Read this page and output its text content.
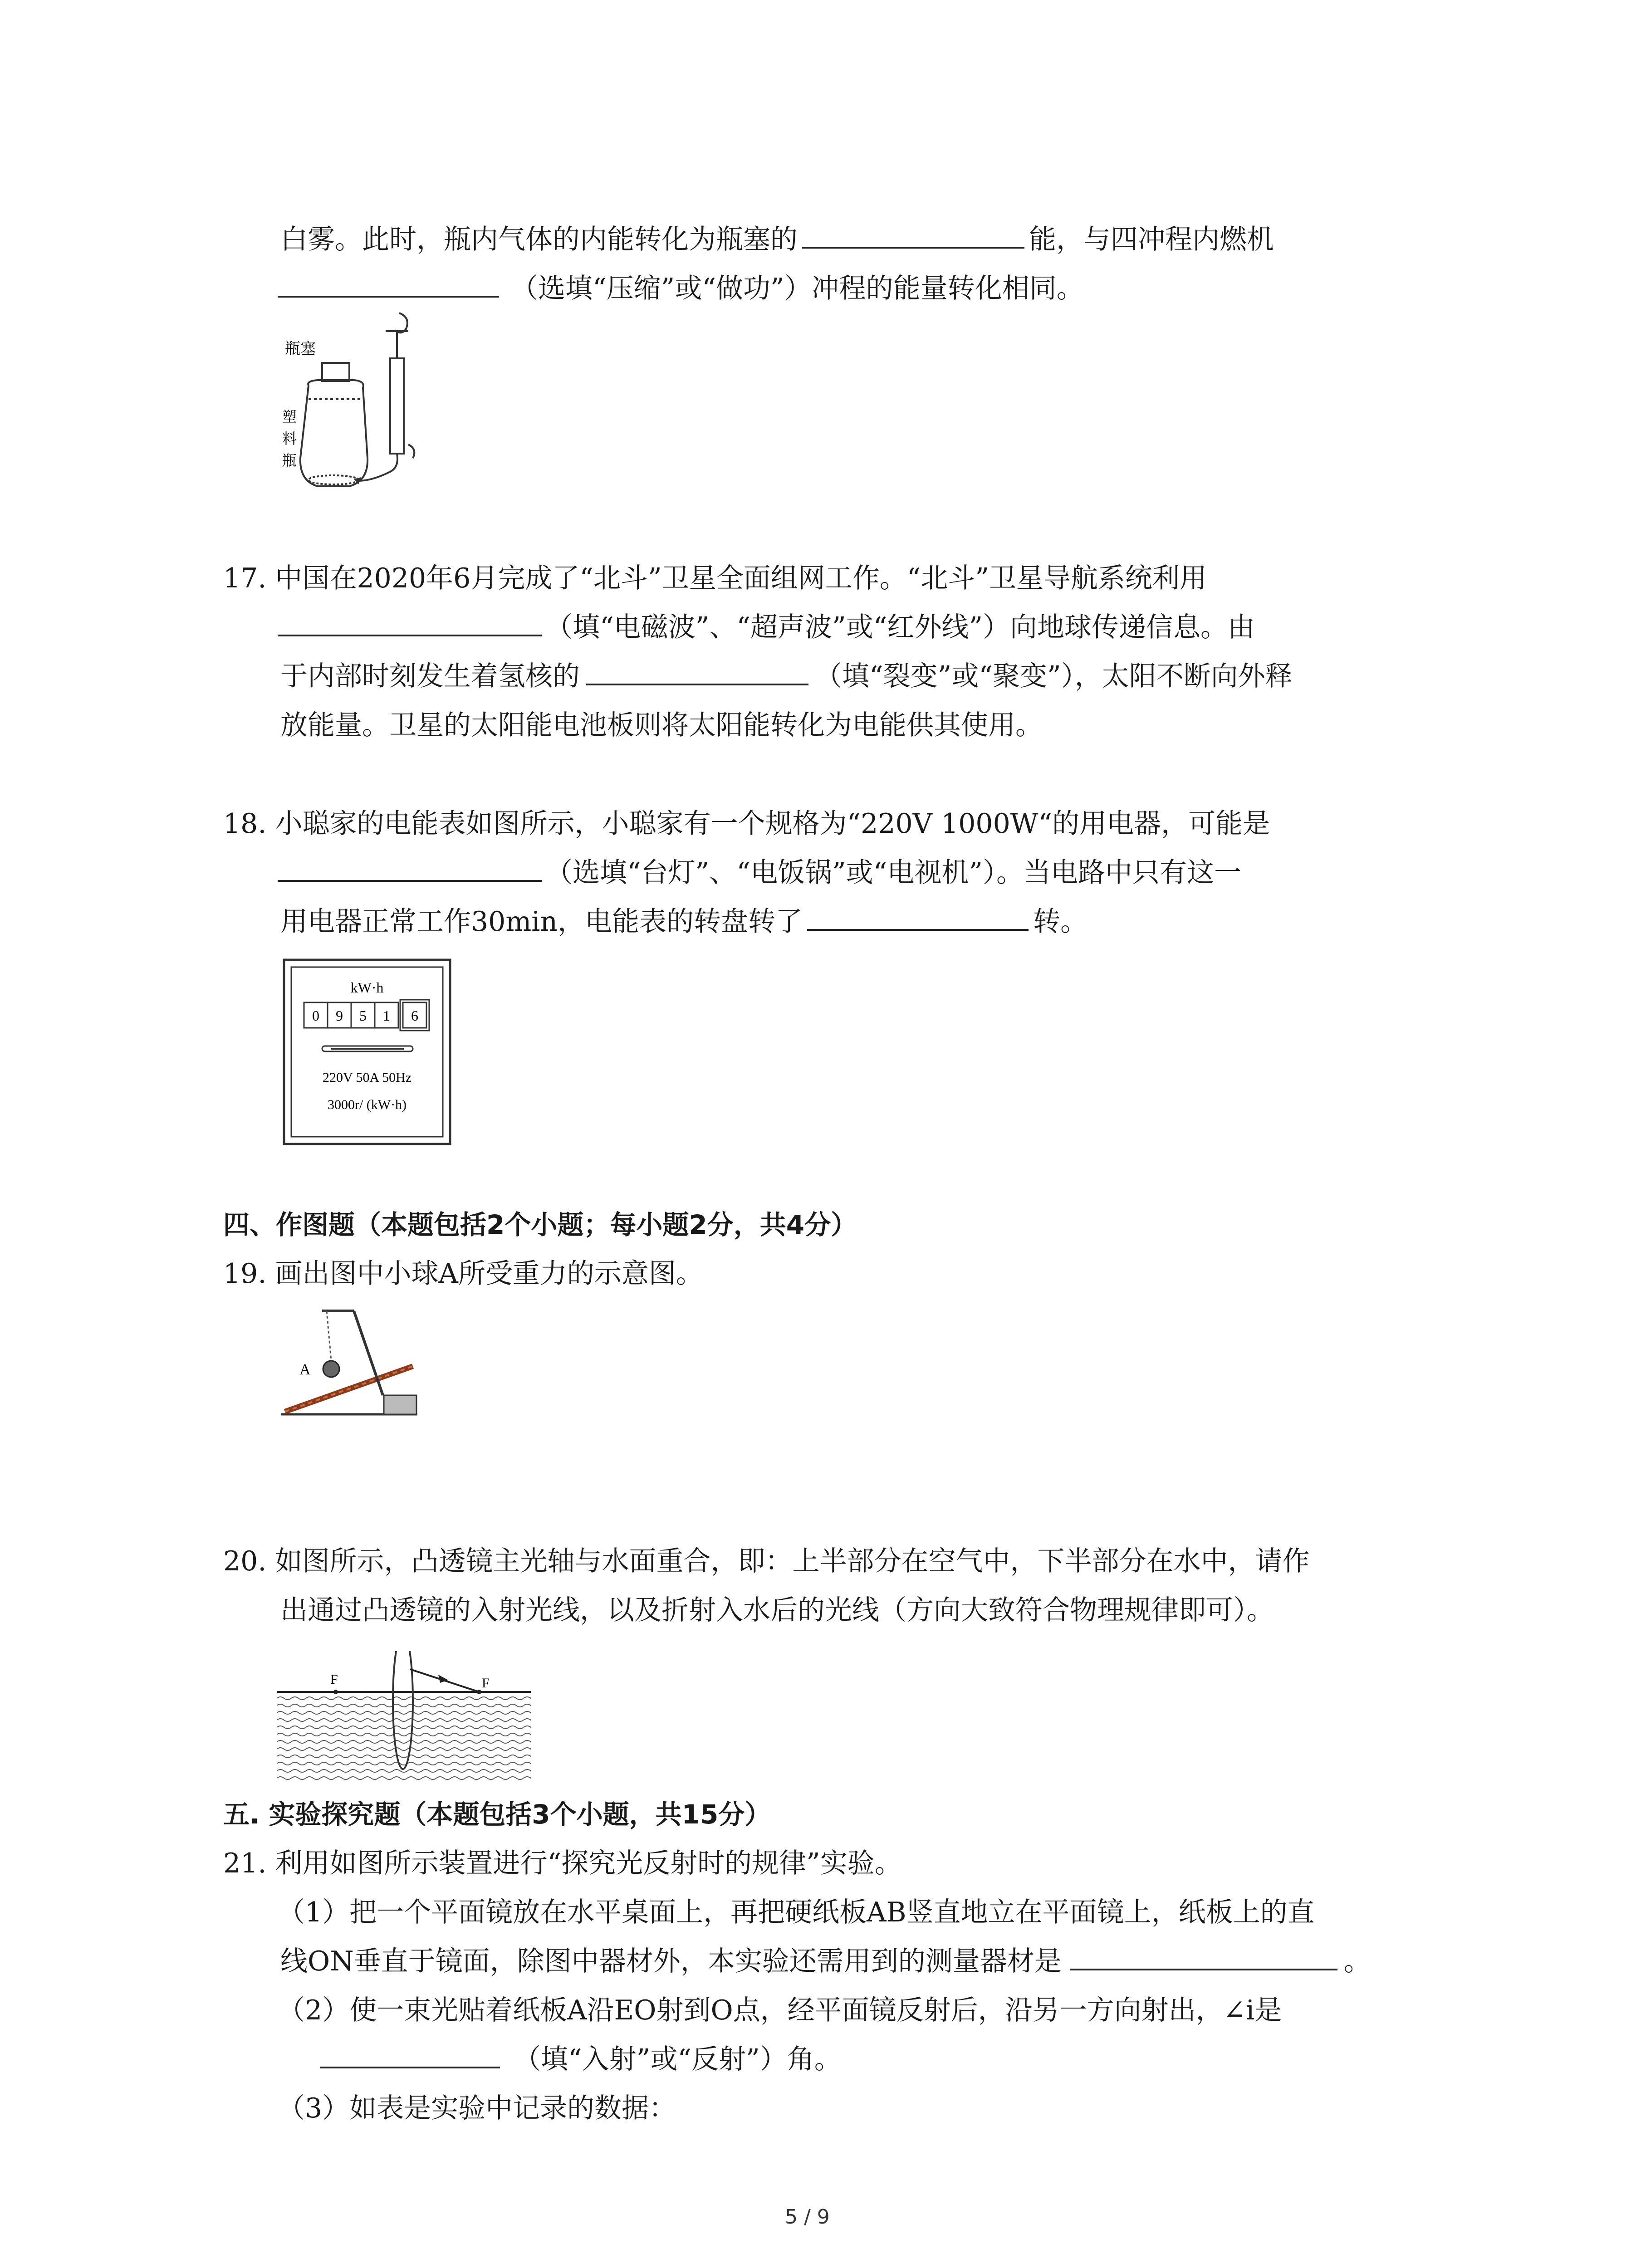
白雾。此时，瓶内气体的内能转化为瓶塞的	能，与四冲程内燃机
（选填“压缩”或“做功”）冲程的能量转化相同。
瓶塞
塑
料
瓶
17. 中国在2020年6月完成了“北斗”卫星全面组网工作。“北斗”卫星导航系统利用
（填“电磁波”、“超声波”或“红外线”）向地球传递信息。由
于内部时刻发生着氢核的	（填“裂变”或“聚变”），太阳不断向外释
放能量。卫星的太阳能电池板则将太阳能转化为电能供其使用。
18. 小聪家的电能表如图所示，小聪家有一个规格为“220V 1000W“的用电器，可能是
（选填“台灯”、“电饭锅”或“电视机”）。当电路中只有这一
用电器正常工作30min，电能表的转盘转了	转。
kW·h
0 9 5 1 6
220V 50A 50Hz
3000r/ (kW·h)
四、作图题（本题包括2个小题；每小题2分，共4分）
19. 画出图中小球A所受重力的示意图。
A
20. 如图所示，凸透镜主光轴与水面重合，即：上半部分在空气中，下半部分在水中，请作
出通过凸透镜的入射光线，以及折射入水后的光线（方向大致符合物理规律即可）。
F	F
五. 实验探究题（本题包括3个小题，共15分）
21. 利用如图所示装置进行“探究光反射时的规律”实验。
（1）把一个平面镜放在水平桌面上，再把硬纸板AB竖直地立在平面镜上，纸板上的直
线ON垂直于镜面，除图中器材外，本实验还需用到的测量器材是	。
（2）使一束光贴着纸板A沿EO射到O点，经平面镜反射后，沿另一方向射出，∠i是
（填“入射”或“反射”）角。
（3）如表是实验中记录的数据：
5 / 9
